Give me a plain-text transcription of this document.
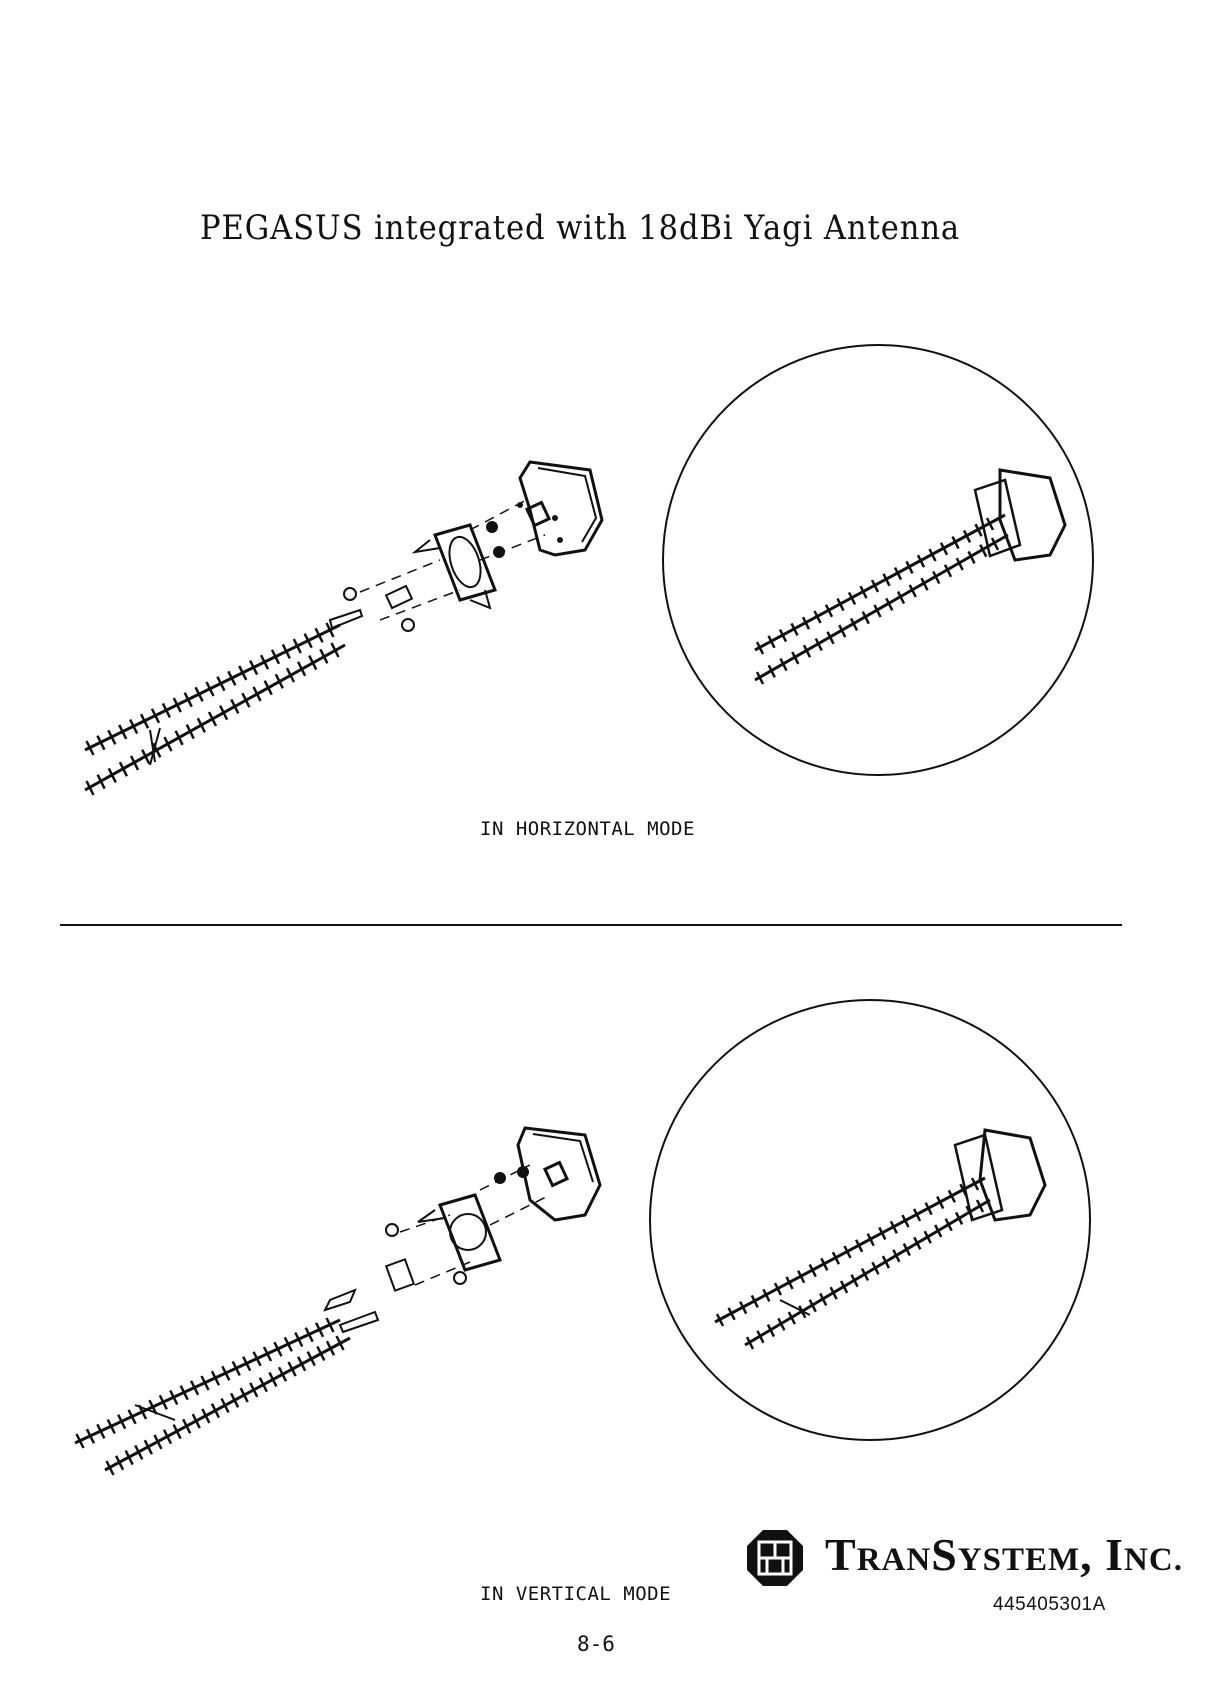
PEGASUS integrated with 18dBi Yagi Antenna
IN HORIZONTAL MODE
IN VERTICAL MODE
TRANSYSTEM, INC.
445405301A
8-6
